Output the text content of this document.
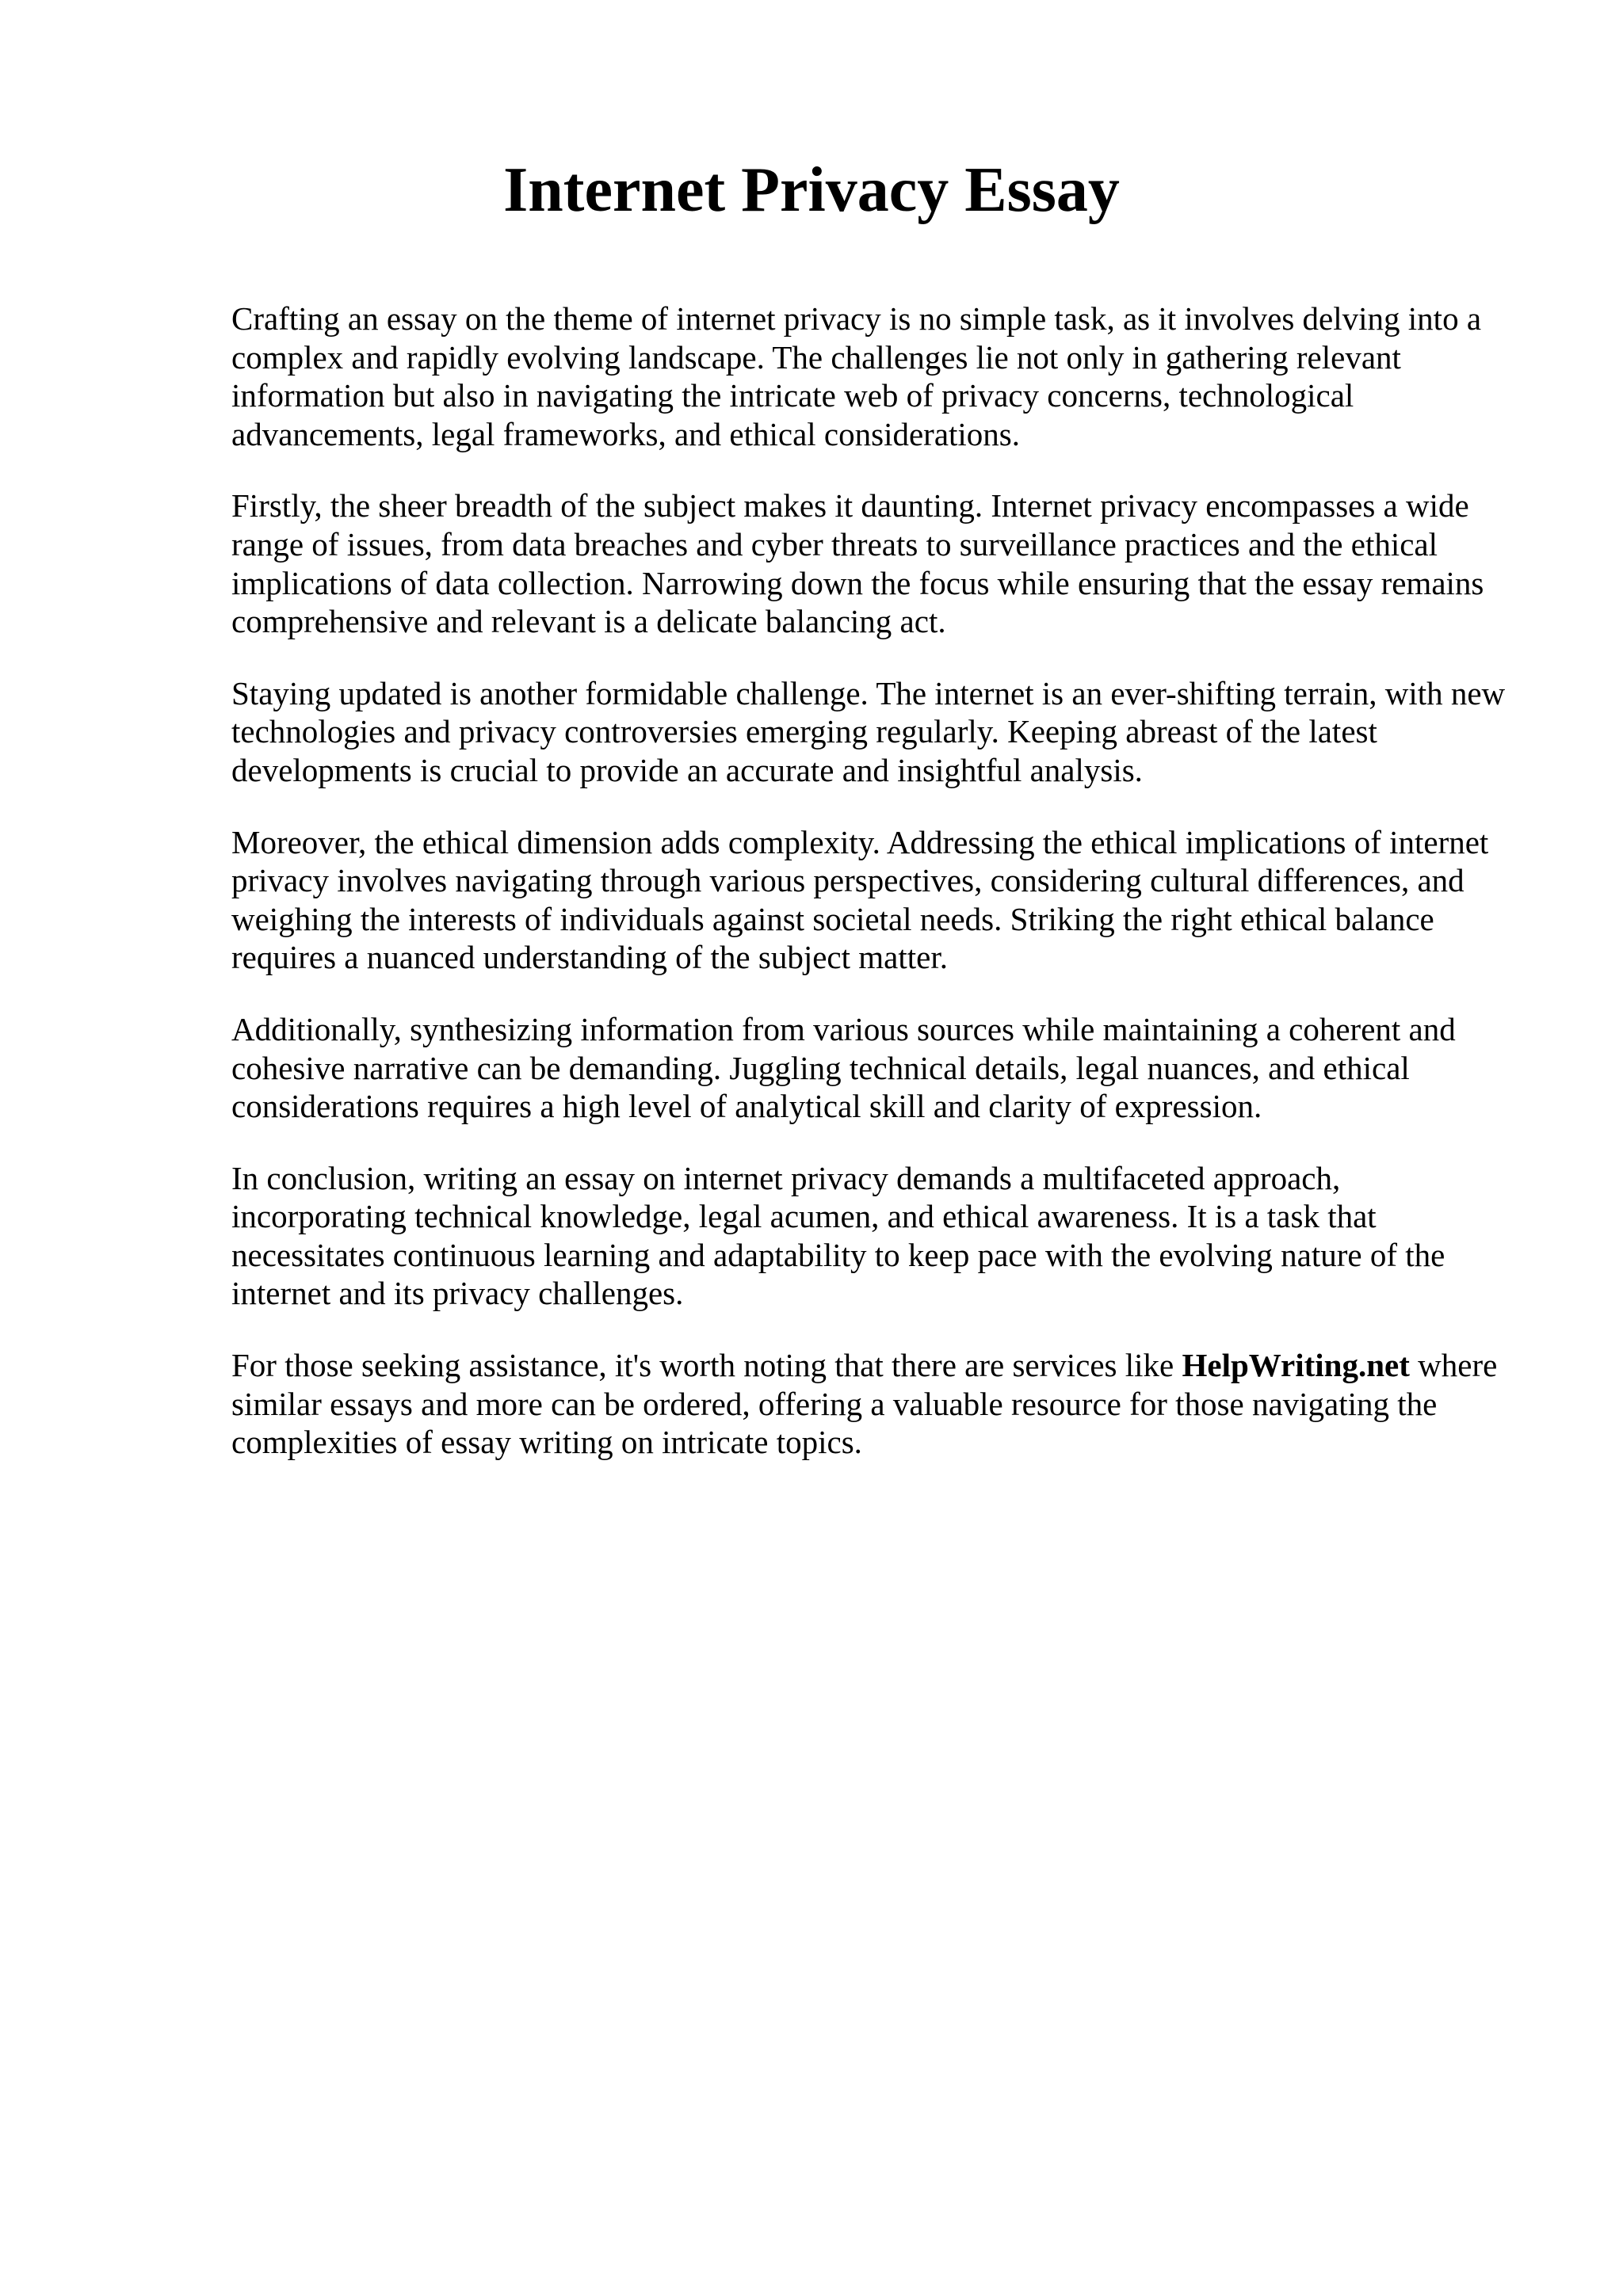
Internet Privacy Essay

Crafting an essay on the theme of internet privacy is no simple task, as it involves delving into a complex and rapidly evolving landscape. The challenges lie not only in gathering relevant information but also in navigating the intricate web of privacy concerns, technological advancements, legal frameworks, and ethical considerations.

Firstly, the sheer breadth of the subject makes it daunting. Internet privacy encompasses a wide range of issues, from data breaches and cyber threats to surveillance practices and the ethical implications of data collection. Narrowing down the focus while ensuring that the essay remains comprehensive and relevant is a delicate balancing act.

Staying updated is another formidable challenge. The internet is an ever-shifting terrain, with new technologies and privacy controversies emerging regularly. Keeping abreast of the latest developments is crucial to provide an accurate and insightful analysis.

Moreover, the ethical dimension adds complexity. Addressing the ethical implications of internet privacy involves navigating through various perspectives, considering cultural differences, and weighing the interests of individuals against societal needs. Striking the right ethical balance requires a nuanced understanding of the subject matter.

Additionally, synthesizing information from various sources while maintaining a coherent and cohesive narrative can be demanding. Juggling technical details, legal nuances, and ethical considerations requires a high level of analytical skill and clarity of expression.

In conclusion, writing an essay on internet privacy demands a multifaceted approach, incorporating technical knowledge, legal acumen, and ethical awareness. It is a task that necessitates continuous learning and adaptability to keep pace with the evolving nature of the internet and its privacy challenges.

For those seeking assistance, it's worth noting that there are services like HelpWriting.net where similar essays and more can be ordered, offering a valuable resource for those navigating the complexities of essay writing on intricate topics.
